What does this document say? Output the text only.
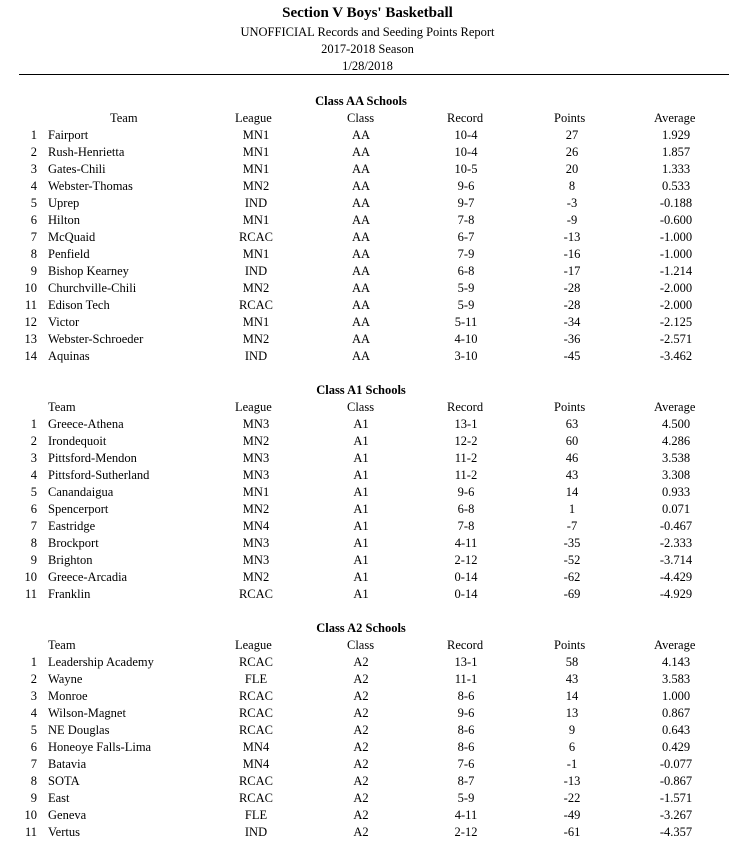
Section V Boys' Basketball
UNOFFICIAL Records and Seeding Points Report
2017-2018 Season
1/28/2018
Class AA Schools
Team	League	Class	Record	Points	Average
1 Fairport	MN1	AA	10-4	27	1.929
2 Rush-Henrietta	MN1	AA	10-4	26	1.857
3 Gates-Chili	MN1	AA	10-5	20	1.333
4 Webster-Thomas	MN2	AA	9-6	8	0.533
5 Uprep	IND	AA	9-7	-3	-0.188
6 Hilton	MN1	AA	7-8	-9	-0.600
7 McQuaid	RCAC	AA	6-7	-13	-1.000
8 Penfield	MN1	AA	7-9	-16	-1.000
9 Bishop Kearney	IND	AA	6-8	-17	-1.214
10 Churchville-Chili	MN2	AA	5-9	-28	-2.000
11 Edison Tech	RCAC	AA	5-9	-28	-2.000
12 Victor	MN1	AA	5-11	-34	-2.125
13 Webster-Schroeder	MN2	AA	4-10	-36	-2.571
14 Aquinas	IND	AA	3-10	-45	-3.462
Class A1 Schools
Team	League	Class	Record	Points	Average
1 Greece-Athena	MN3	A1	13-1	63	4.500
2 Irondequoit	MN2	A1	12-2	60	4.286
3 Pittsford-Mendon	MN3	A1	11-2	46	3.538
4 Pittsford-Sutherland	MN3	A1	11-2	43	3.308
5 Canandaigua	MN1	A1	9-6	14	0.933
6 Spencerport	MN2	A1	6-8	1	0.071
7 Eastridge	MN4	A1	7-8	-7	-0.467
8 Brockport	MN3	A1	4-11	-35	-2.333
9 Brighton	MN3	A1	2-12	-52	-3.714
10 Greece-Arcadia	MN2	A1	0-14	-62	-4.429
11 Franklin	RCAC	A1	0-14	-69	-4.929
Class A2 Schools
Team	League	Class	Record	Points	Average
1 Leadership Academy	RCAC	A2	13-1	58	4.143
2 Wayne	FLE	A2	11-1	43	3.583
3 Monroe	RCAC	A2	8-6	14	1.000
4 Wilson-Magnet	RCAC	A2	9-6	13	0.867
5 NE Douglas	RCAC	A2	8-6	9	0.643
6 Honeoye Falls-Lima	MN4	A2	8-6	6	0.429
7 Batavia	MN4	A2	7-6	-1	-0.077
8 SOTA	RCAC	A2	8-7	-13	-0.867
9 East	RCAC	A2	5-9	-22	-1.571
10 Geneva	FLE	A2	4-11	-49	-3.267
11 Vertus	IND	A2	2-12	-61	-4.357
